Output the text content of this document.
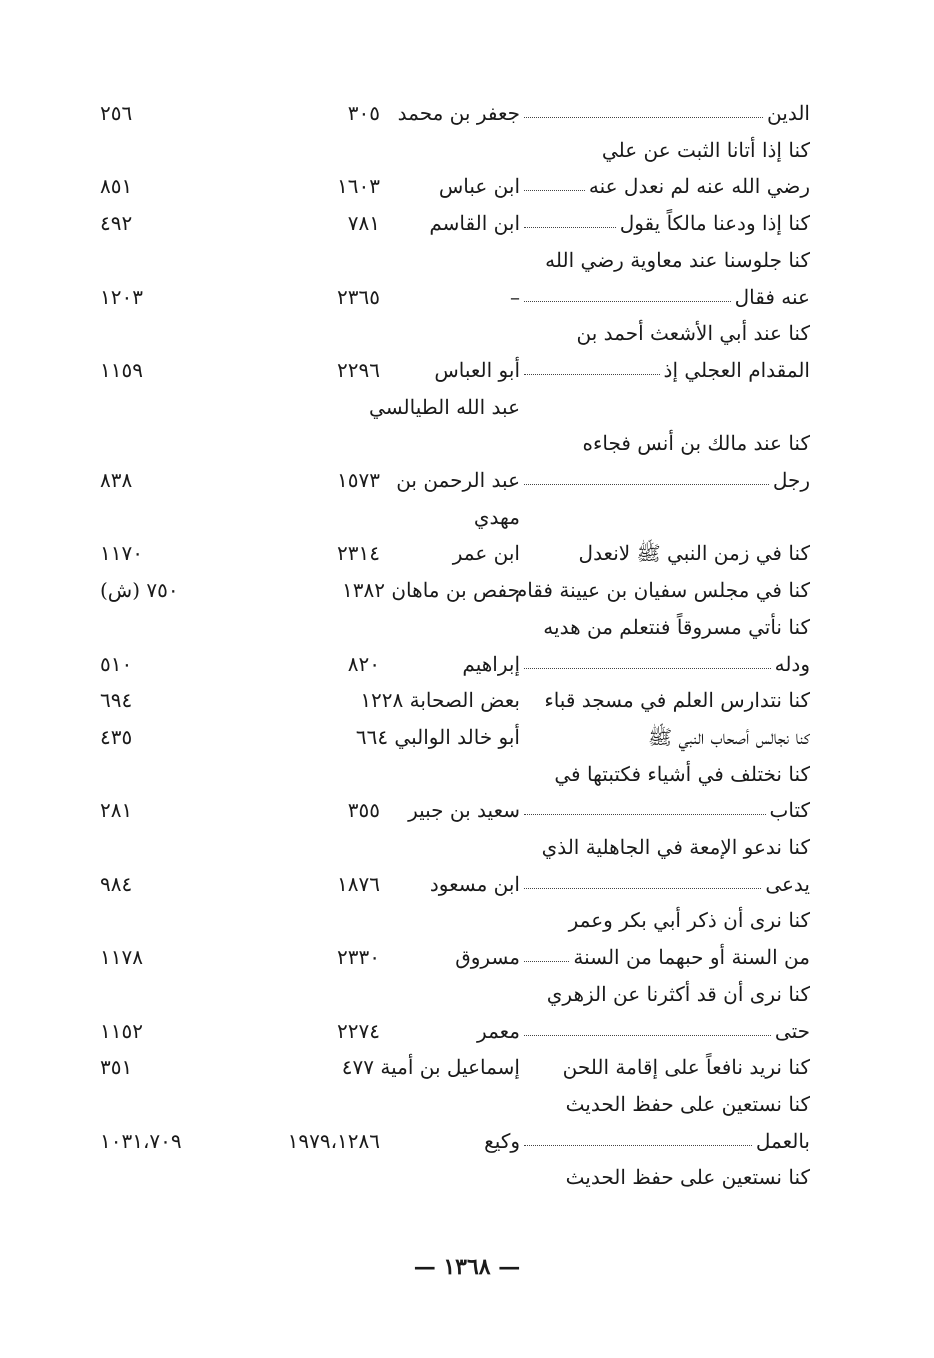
الدين
جعفر بن محمد
٣٠٥
٢٥٦
كنا إذا أتانا الثبت عن علي
رضي الله عنه لم نعدل عنه
ابن عباس
١٦٠٣
٨٥١
كنا إذا ودعنا مالكاً يقول
ابن القاسم
٧٨١
٤٩٢
كنا جلوسنا عند معاوية رضي الله
عنه فقال
–
٢٣٦٥
١٢٠٣
كنا عند أبي الأشعث أحمد بن
المقدام العجلي إذ
أبو العباس
٢٢٩٦
١١٥٩
عبد الله الطيالسي
كنا عند مالك بن أنس فجاءه
رجل
عبد الرحمن بن
١٥٧٣
٨٣٨
مهدي
كنا في زمن النبي ﷺ لانعدل
ابن عمر
٢٣١٤
١١٧٠
كنا في مجلس سفيان بن عيينة فقام
حفص بن ماهان ١٣٨٢
٧٥٠ (ش)
كنا نأتي مسروقاً فنتعلم من هديه
ودله
إبراهيم
٨٢٠
٥١٠
كنا نتدارس العلم في مسجد قباء
بعض الصحابة ١٢٢٨
٦٩٤
كنا نجالس أصحاب النبي ﷺ
أبو خالد الوالبي ٦٦٤
٤٣٥
كنا نختلف في أشياء فكتبتها في
كتاب
سعيد بن جبير
٣٥٥
٢٨١
كنا ندعو الإمعة في الجاهلية الذي
يدعى
ابن مسعود
١٨٧٦
٩٨٤
كنا نرى أن ذكر أبي بكر وعمر
من السنة أو حبهما من السنة
مسروق
٢٣٣٠
١١٧٨
كنا نرى أن قد أكثرنا عن الزهري
حتى
معمر
٢٢٧٤
١١٥٢
كنا نريد نافعاً على إقامة اللحن
إسماعيل بن أمية ٤٧٧
٣٥١
كنا نستعين على حفظ الحديث
بالعمل
وكيع
١٩٧٩،١٢٨٦
١٠٣١،٧٠٩
كنا نستعين على حفظ الحديث
— ١٣٦٨ —
